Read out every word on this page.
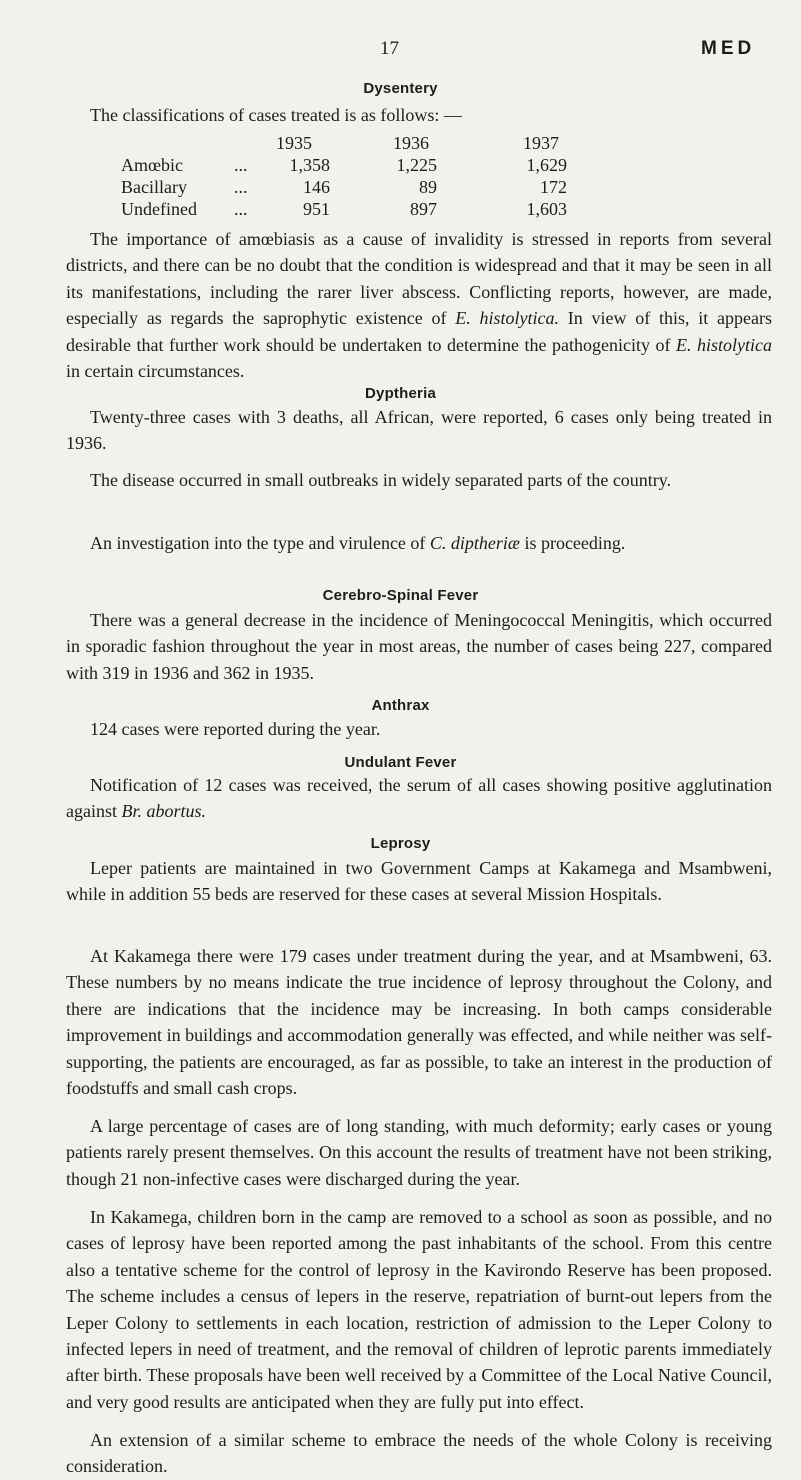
17	MED
Dysentery

The classifications of cases treated is as follows: —

1935	1936	1937
Amœbic	...	1,358	1,225	1,629
Bacillary	...	146	89	172
Undefined ...	951	897	1,603

The importance of amœbiasis as a cause of invalidity is stressed in reports from several districts, and there can be no doubt that the condition is widespread and that it may be seen in all its manifestations, including the rarer liver abscess. Conflicting reports, however, are made, especially as regards the saprophytic existence of E. histolytica. In view of this, it appears desirable that further work should be undertaken to determine the pathogenicity of E. histolytica in certain circumstances.

Dyptheria

Twenty-three cases with 3 deaths, all African, were reported, 6 cases only being treated in 1936.

The disease occurred in small outbreaks in widely separated parts of the country.

An investigation into the type and virulence of C. diptheriæ is proceeding.

Cerebro-Spinal Fever

There was a general decrease in the incidence of Meningococcal Meningitis, which occurred in sporadic fashion throughout the year in most areas, the number of cases being 227, compared with 319 in 1936 and 362 in 1935.

Anthrax

124 cases were reported during the year.

Undulant Fever

Notification of 12 cases was received, the serum of all cases showing positive agglutination against Br. abortus.

Leprosy

Leper patients are maintained in two Government Camps at Kakamega and Msambweni, while in addition 55 beds are reserved for these cases at several Mission Hospitals.

At Kakamega there were 179 cases under treatment during the year, and at Msambweni, 63. These numbers by no means indicate the true incidence of leprosy throughout the Colony, and there are indications that the incidence may be increasing. In both camps considerable improvement in buildings and accommodation generally was effected, and while neither was self-supporting, the patients are encouraged, as far as possible, to take an interest in the production of foodstuffs and small cash crops.

A large percentage of cases are of long standing, with much deformity; early cases or young patients rarely present themselves. On this account the results of treatment have not been striking, though 21 non-infective cases were discharged during the year.

In Kakamega, children born in the camp are removed to a school as soon as possible, and no cases of leprosy have been reported among the past inhabitants of the school. From this centre also a tentative scheme for the control of leprosy in the Kavirondo Reserve has been proposed. The scheme includes a census of lepers in the reserve, repatriation of burnt-out lepers from the Leper Colony to settlements in each location, restriction of admission to the Leper Colony to infected lepers in need of treatment, and the removal of children of leprotic parents immediately after birth. These proposals have been well received by a Committee of the Local Native Council, and very good results are anticipated when they are fully put into effect.

An extension of a similar scheme to embrace the needs of the whole Colony is receiving consideration.
